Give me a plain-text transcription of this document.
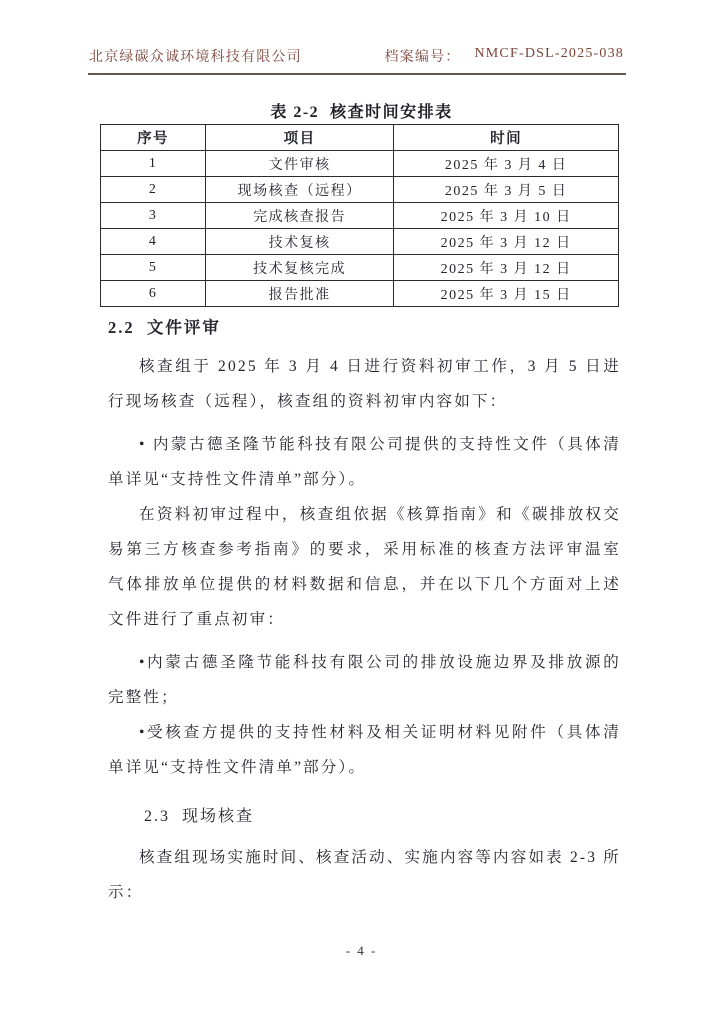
北京绿碳众诚环境科技有限公司	档案编号： NMCF-DSL-2025-038
表 2-2  核查时间安排表
序号	项目	时间
1	文件审核	2025 年 3 月 4 日
2	现场核查（远程）	2025 年 3 月 5 日
3	完成核查报告	2025 年 3 月 10 日
4	技术复核	2025 年 3 月 12 日
5	技术复核完成	2025 年 3 月 12 日
6	报告批准	2025 年 3 月 15 日
2.2  文件评审

核查组于 2025 年 3 月 4 日进行资料初审工作，3 月 5 日进行现场核查（远程），核查组的资料初审内容如下：

• 内蒙古德圣隆节能科技有限公司提供的支持性文件（具体清单详见“支持性文件清单”部分）。

在资料初审过程中，核查组依据《核算指南》和《碳排放权交易第三方核查参考指南》的要求，采用标准的核查方法评审温室气体排放单位提供的材料数据和信息，并在以下几个方面对上述文件进行了重点初审：

•内蒙古德圣隆节能科技有限公司的排放设施边界及排放源的完整性；

•受核查方提供的支持性材料及相关证明材料见附件（具体清单详见“支持性文件清单”部分）。

2.3  现场核查

核查组现场实施时间、核查活动、实施内容等内容如表 2-3 所示：

- 4 -
